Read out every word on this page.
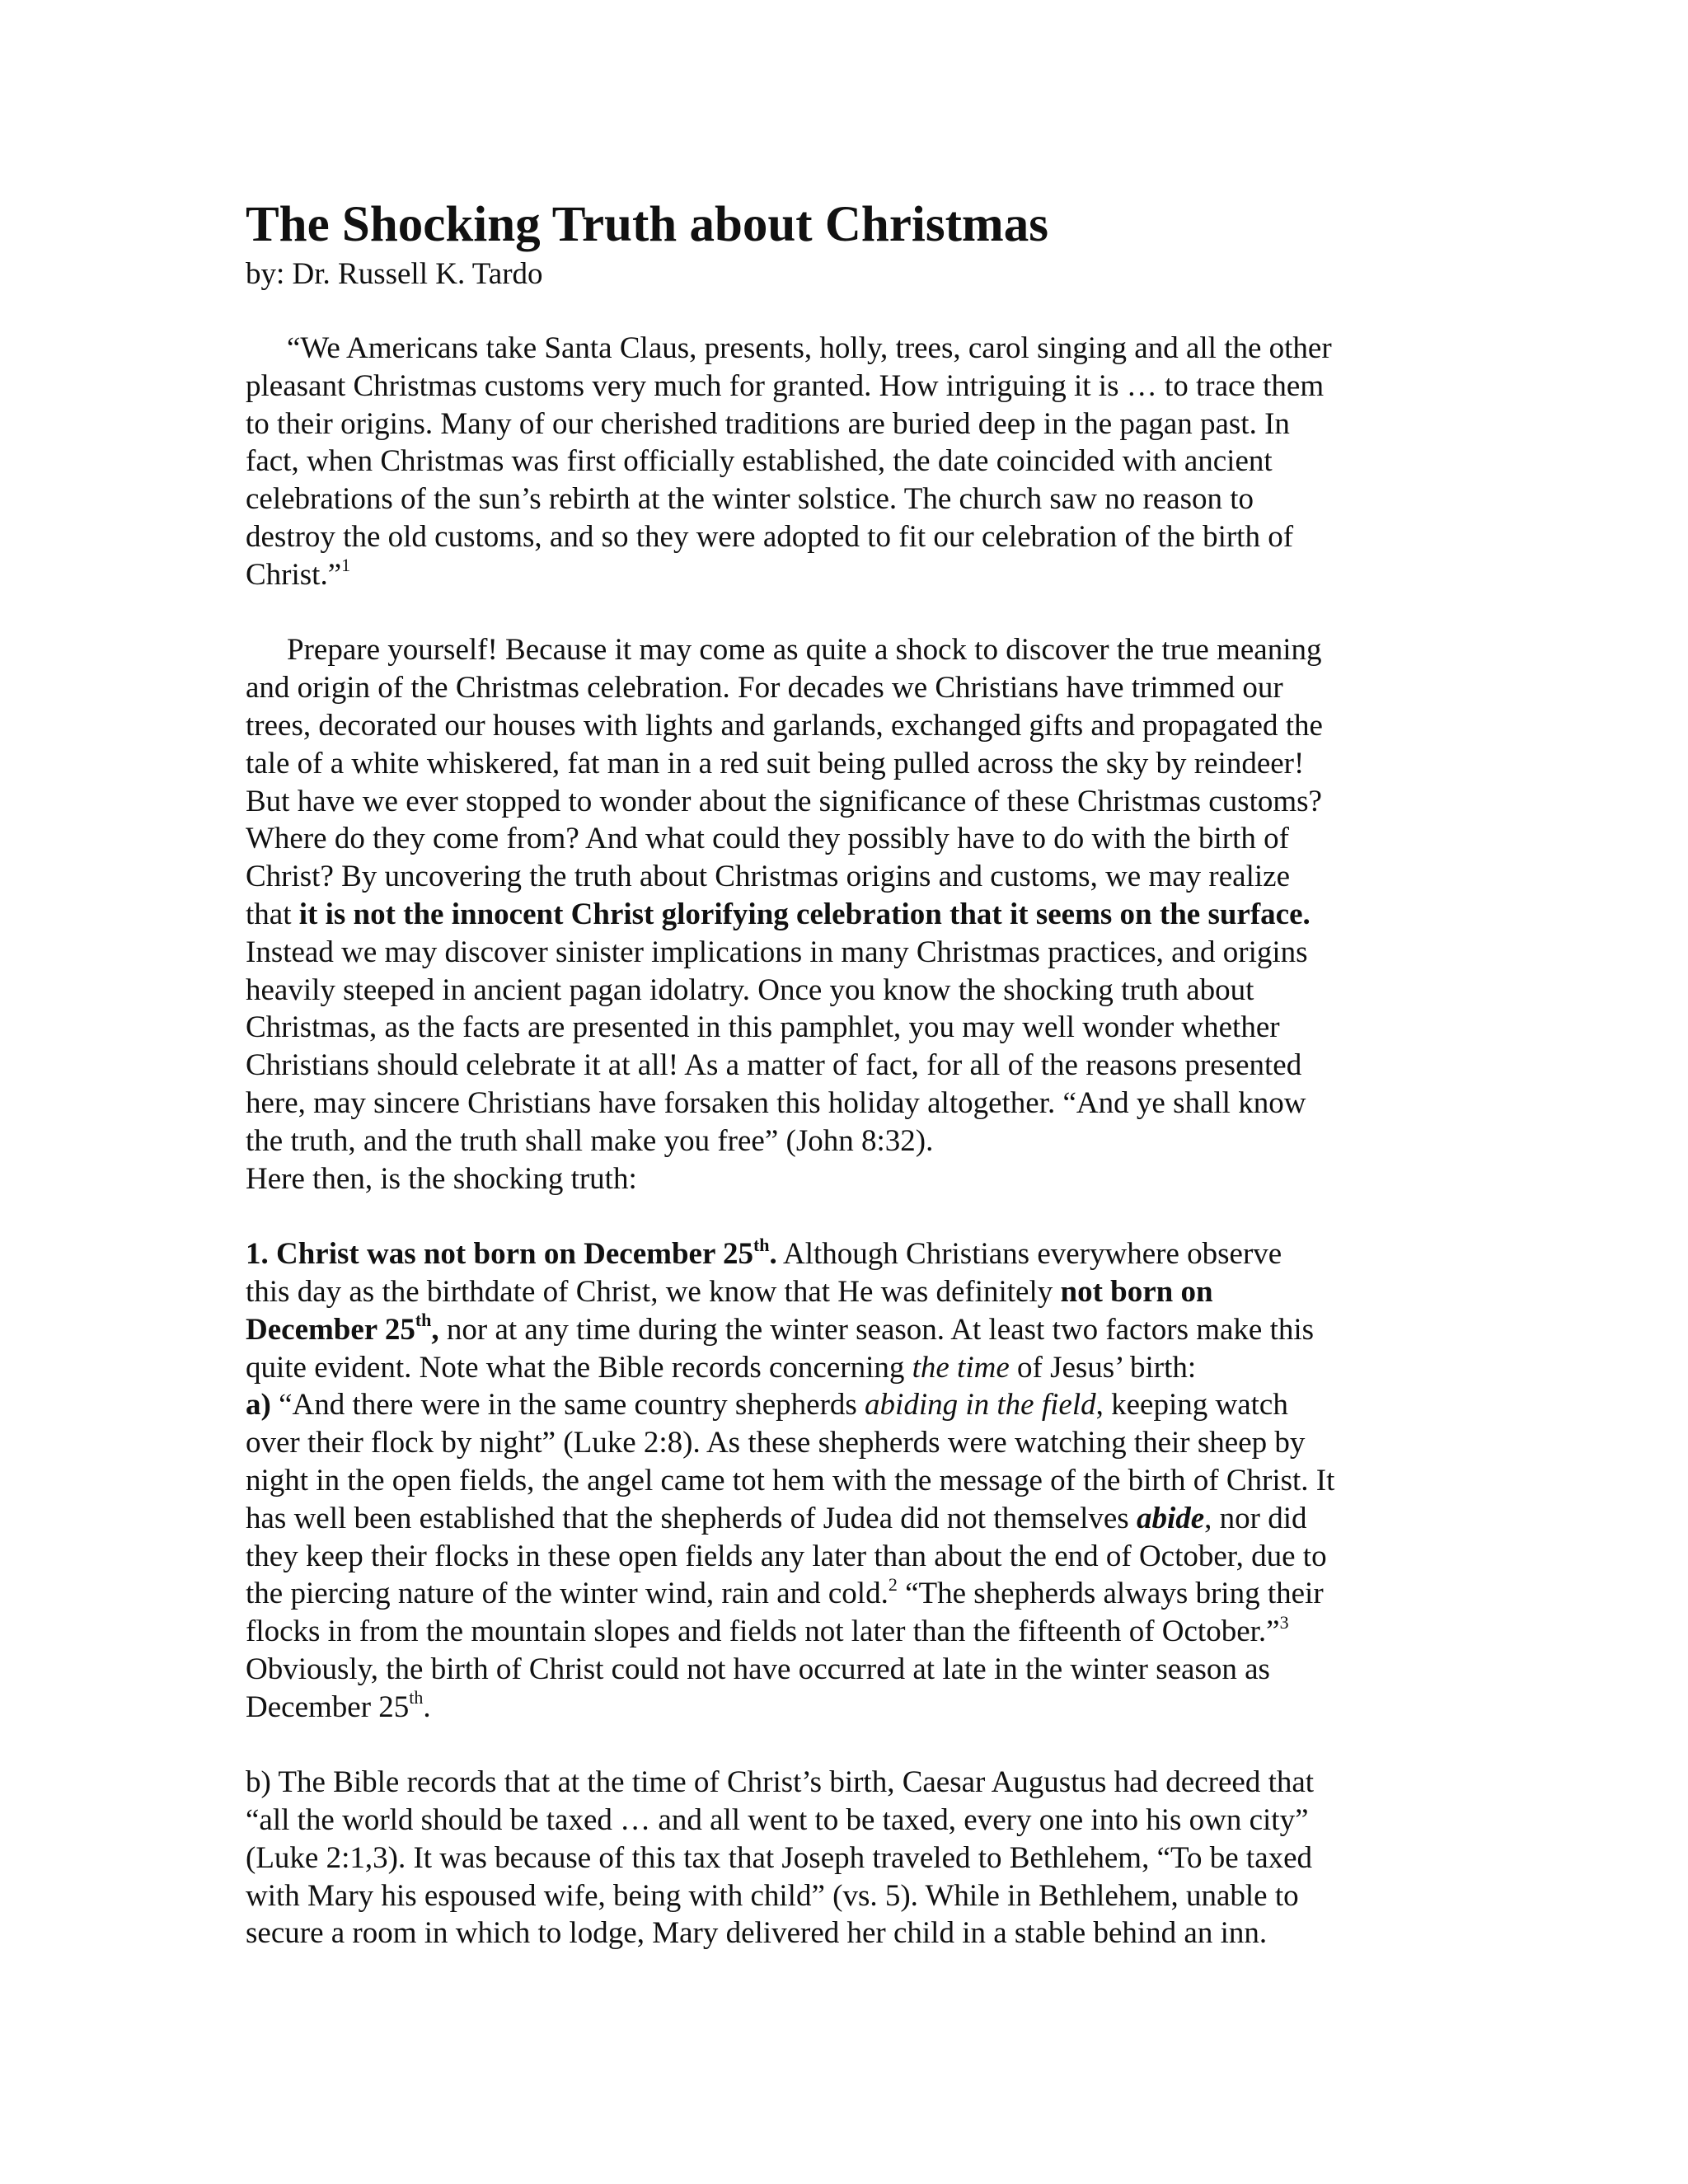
The Shocking Truth about Christmas

by: Dr. Russell K. Tardo

“We Americans take Santa Claus, presents, holly, trees, carol singing and all the other
pleasant Christmas customs very much for granted. How intriguing it is … to trace them
to their origins. Many of our cherished traditions are buried deep in the pagan past. In
fact, when Christmas was first officially established, the date coincided with ancient
celebrations of the sun’s rebirth at the winter solstice. The church saw no reason to
destroy the old customs, and so they were adopted to fit our celebration of the birth of
Christ.”$^1$
Prepare yourself! Because it may come as quite a shock to discover the true meaning
and origin of the Christmas celebration. For decades we Christians have trimmed our
trees, decorated our houses with lights and garlands, exchanged gifts and propagated the
tale of a white whiskered, fat man in a red suit being pulled across the sky by reindeer!
But have we ever stopped to wonder about the significance of these Christmas customs?
Where do they come from? And what could they possibly have to do with the birth of
Christ? By uncovering the truth about Christmas origins and customs, we may realize
that it is not the innocent Christ glorifying celebration that it seems on the surface.
Instead we may discover sinister implications in many Christmas practices, and origins
heavily steeped in ancient pagan idolatry. Once you know the shocking truth about
Christmas, as the facts are presented in this pamphlet, you may well wonder whether
Christians should celebrate it at all! As a matter of fact, for all of the reasons presented
here, may sincere Christians have forsaken this holiday altogether. “And ye shall know
the truth, and the truth shall make you free” (John 8:32).
Here then, is the shocking truth:
1. Christ was not born on December 25th. Although Christians everywhere observe
this day as the birthdate of Christ, we know that He was definitely not born on
December 25th, nor at any time during the winter season. At least two factors make this
quite evident. Note what the Bible records concerning the time of Jesus’ birth:
a) “And there were in the same country shepherds abiding in the field, keeping watch
over their flock by night” (Luke 2:8). As these shepherds were watching their sheep by
night in the open fields, the angel came tot hem with the message of the birth of Christ. It
has well been established that the shepherds of Judea did not themselves abide, nor did
they keep their flocks in these open fields any later than about the end of October, due to
the piercing nature of the winter wind, rain and cold.$^2$ “The shepherds always bring their
flocks in from the mountain slopes and fields not later than the fifteenth of October.”$^3$
Obviously, the birth of Christ could not have occurred at late in the winter season as
December 25th.
b) The Bible records that at the time of Christ’s birth, Caesar Augustus had decreed that
“all the world should be taxed … and all went to be taxed, every one into his own city”
(Luke 2:1,3). It was because of this tax that Joseph traveled to Bethlehem, “To be taxed
with Mary his espoused wife, being with child” (vs. 5). While in Bethlehem, unable to
secure a room in which to lodge, Mary delivered her child in a stable behind an inn.
